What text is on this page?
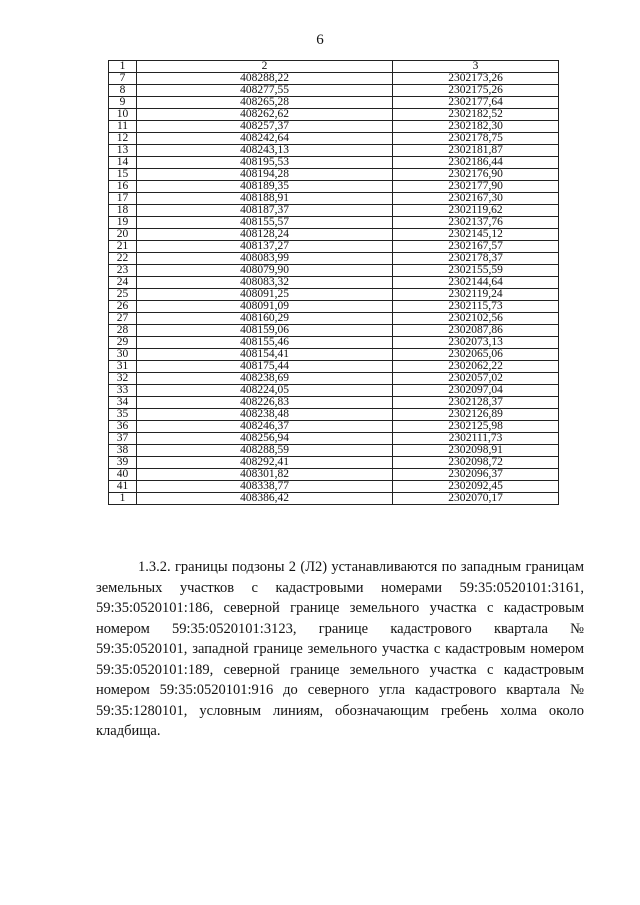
6
1	2	3
7	408288,22	2302173,26
8	408277,55	2302175,26
9	408265,28	2302177,64
10	408262,62	2302182,52
11	408257,37	2302182,30
12	408242,64	2302178,75
13	408243,13	2302181,87
14	408195,53	2302186,44
15	408194,28	2302176,90
16	408189,35	2302177,90
17	408188,91	2302167,30
18	408187,37	2302119,62
19	408155,57	2302137,76
20	408128,24	2302145,12
21	408137,27	2302167,57
22	408083,99	2302178,37
23	408079,90	2302155,59
24	408083,32	2302144,64
25	408091,25	2302119,24
26	408091,09	2302115,73
27	408160,29	2302102,56
28	408159,06	2302087,86
29	408155,46	2302073,13
30	408154,41	2302065,06
31	408175,44	2302062,22
32	408238,69	2302057,02
33	408224,05	2302097,04
34	408226,83	2302128,37
35	408238,48	2302126,89
36	408246,37	2302125,98
37	408256,94	2302111,73
38	408288,59	2302098,91
39	408292,41	2302098,72
40	408301,82	2302096,37
41	408338,77	2302092,45
1	408386,42	2302070,17

1.3.2. границы подзоны 2 (Л2) устанавливаются по западным границам земельных участков с кадастровыми номерами 59:35:0520101:3161, 59:35:0520101:186, северной границе земельного участка с кадастровым номером 59:35:0520101:3123, границе кадастрового квартала № 59:35:0520101, западной границе земельного участка с кадастровым номером 59:35:0520101:189, северной границе земельного участка с кадастровым номером 59:35:0520101:916 до северного угла кадастрового квартала № 59:35:1280101, условным линиям, обозначающим гребень холма около кладбища.
